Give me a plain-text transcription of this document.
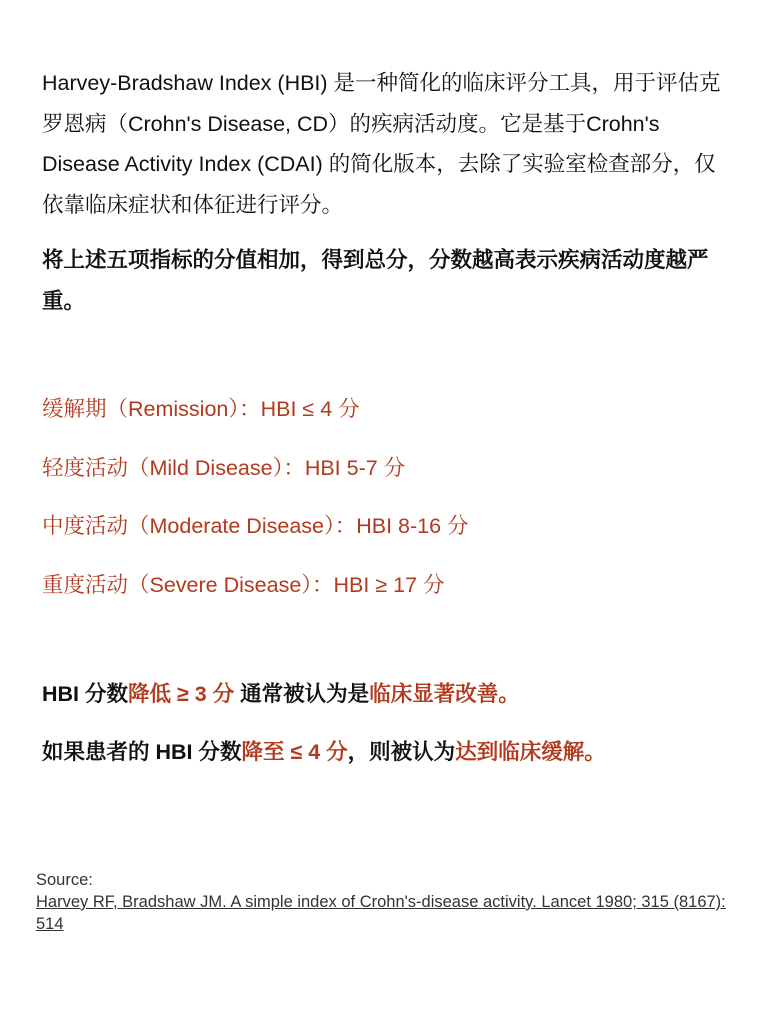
Harvey-Bradshaw Index (HBI) 是一种简化的临床评分工具，用于评估克罗恩病（Crohn's Disease, CD）的疾病活动度。它是基于Crohn's Disease Activity Index (CDAI) 的简化版本，去除了实验室检查部分，仅依靠临床症状和体征进行评分。

将上述五项指标的分值相加，得到总分，分数越高表示疾病活动度越严重。

缓解期（Remission）：HBI ≤ 4 分
轻度活动（Mild Disease）：HBI 5-7 分
中度活动（Moderate Disease）：HBI 8-16 分
重度活动（Severe Disease）：HBI ≥ 17 分

HBI 分数降低 ≥ 3 分 通常被认为是临床显著改善。

如果患者的 HBI 分数降至 ≤ 4 分，则被认为达到临床缓解。

Source:
Harvey RF, Bradshaw JM. A simple index of Crohn's-disease activity. Lancet 1980; 315 (8167): 514
